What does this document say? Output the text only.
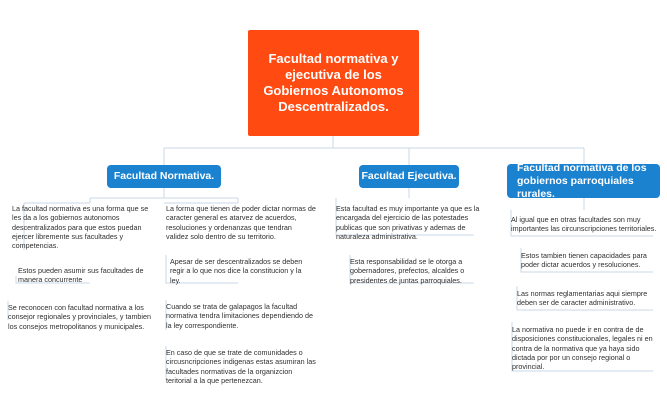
Facultad normativa y ejecutiva de los Gobiernos Autonomos Descentralizados.
Facultad Normativa.	Facultad Ejecutiva.
Facultad normativa de los gobiernos parroquiales rurales.
La facultad normativa es una forma que se les da a los gobiernos autonomos descentralizados para que estos puedan ejercer libremente sus facultades y competencias.
Estos pueden asumir sus facultades de manera concurrente
Se reconocen con facultad normativa a los consejor regionales y provinciales, y tambien los consejos metropolitanos y municipales.
La forma que tienen de poder dictar normas de caracter general es atarvez de acuerdos, resoluciones y ordenanzas que tendran validez solo dentro de su territorio.
Apesar de ser descentralizados se deben regir a lo que nos dice la constitucion y la ley.
Cuando se trata de galapagos la facultad normativa tendra limitaciones dependiendo de la ley correspondiente.
En caso de que se trate de comunidades o circusncripciones indigenas estas asumiran las facultades normativas de la organizcion teritorial a la que pertenezcan.
Esta facultad es muy importante ya que es la encargada del ejercicio de las potestades publicas que son privativas y ademas de naturaleza administrativa.
Esta responsabilidad se le otorga a gobernadores, prefectos, alcaldes o presidentes de juntas parroquiales.
Al igual que en otras facultades son muy importantes las circunscripciones territoriales.
Estos tambien tienen capacidades para poder dictar acuerdos y resoluciones.
Las normas reglamentarias aqui siempre deben ser de caracter administrativo.
La normativa no puede ir en contra de de disposiciones constitucionales, legales ni en contra de la normativa que ya haya sido dictada por por un consejo regional o provincial.
